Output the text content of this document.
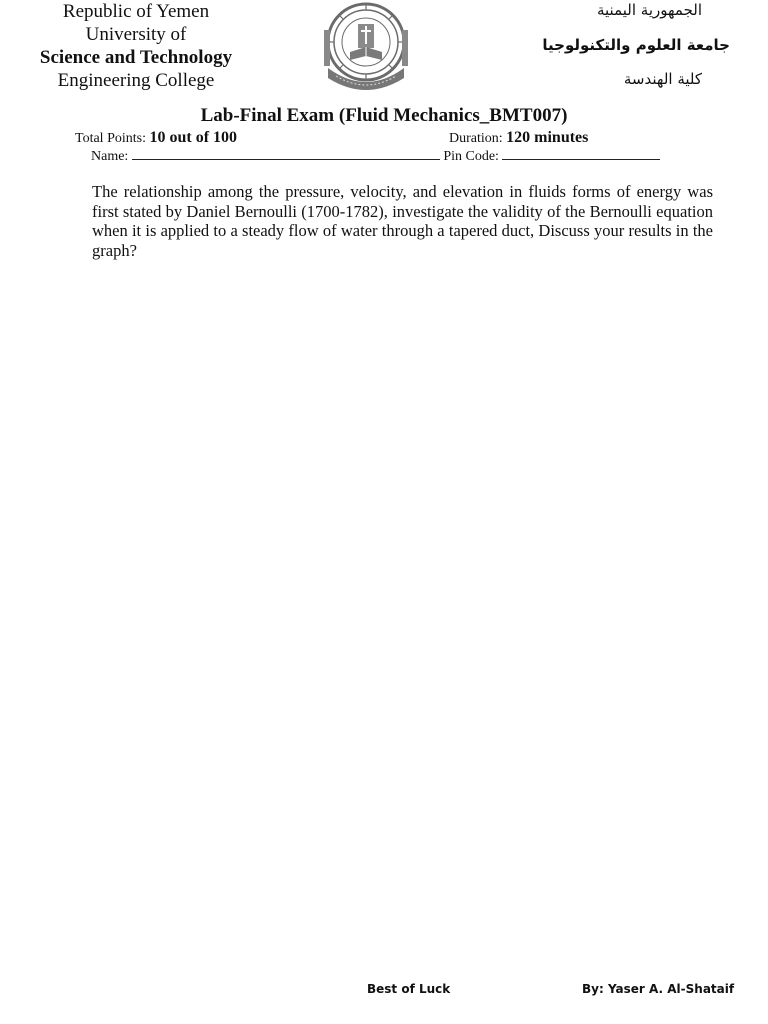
Republic of Yemen
University of
Science and Technology
Engineering College
الجمهورية اليمنية
جامعة العلوم والتكنولوجيا
كلية الهندسة
Lab-Final Exam (Fluid Mechanics_BMT007)
Total Points: 10 out of 100	Duration: 120 minutes
Name:	Pin Code:
The relationship among the pressure, velocity, and elevation in fluids forms of energy was first stated by Daniel Bernoulli (1700-1782), investigate the validity of the Bernoulli equation when it is applied to a steady flow of water through a tapered duct, Discuss your results in the graph?
Best of Luck	By: Yaser A. Al-Shataif
